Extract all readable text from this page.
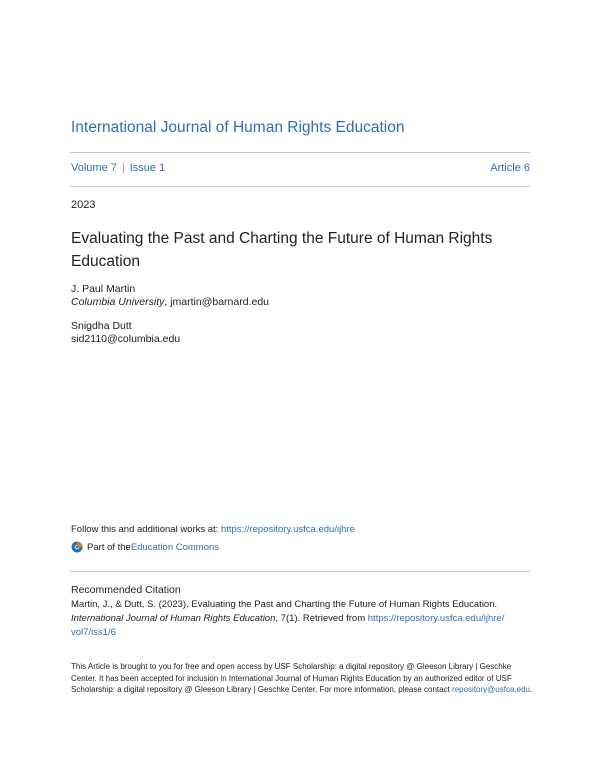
International Journal of Human Rights Education
Volume 7 | Issue 1	Article 6
2023
Evaluating the Past and Charting the Future of Human Rights
Education
J. Paul Martin
Columbia University, jmartin@barnard.edu
Snigdha Dutt
sid2110@columbia.edu
Follow this and additional works at: https://repository.usfca.edu/ijhre
Part of the Education Commons
Recommended Citation
Martin, J., & Dutt, S. (2023). Evaluating the Past and Charting the Future of Human Rights Education.
International Journal of Human Rights Education, 7(1). Retrieved from https://repository.usfca.edu/ijhre/
vol7/iss1/6
This Article is brought to you for free and open access by USF Scholarship: a digital repository @ Gleeson Library | Geschke Center. It has been accepted for inclusion in International Journal of Human Rights Education by an authorized editor of USF Scholarship: a digital repository @ Gleeson Library | Geschke Center. For more information, please contact repository@usfca.edu.
